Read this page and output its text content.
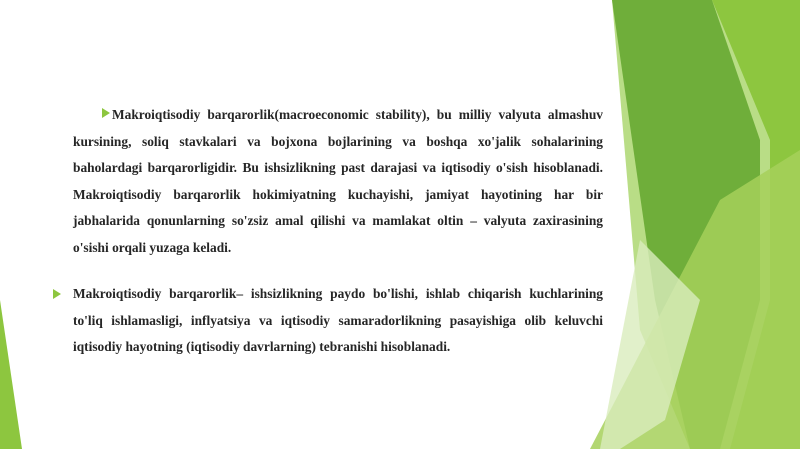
Makroiqtisodiy barqarorlik(macroeconomic stability), bu milliy valyuta almashuv kursining, soliq stavkalari va bojxona bojlarining va boshqa xo'jalik sohalarining baholardagi barqarorligidir. Bu ishsizlikning past darajasi va iqtisodiy o'sish hisoblanadi. Makroiqtisodiy barqarorlik hokimiyatning kuchayishi, jamiyat hayotining har bir jabhalarida qonunlarning so'zsiz amal qilishi va mamlakat oltin – valyuta zaxirasining o'sishi orqali yuzaga keladi.

Makroiqtisodiy barqarorlik– ishsizlikning paydo bo'lishi, ishlab chiqarish kuchlarining to'liq ishlamasligi, inflyatsiya va iqtisodiy samaradorlikning pasayishiga olib keluvchi iqtisodiy hayotning (iqtisodiy davrlarning) tebranishi hisoblanadi.
